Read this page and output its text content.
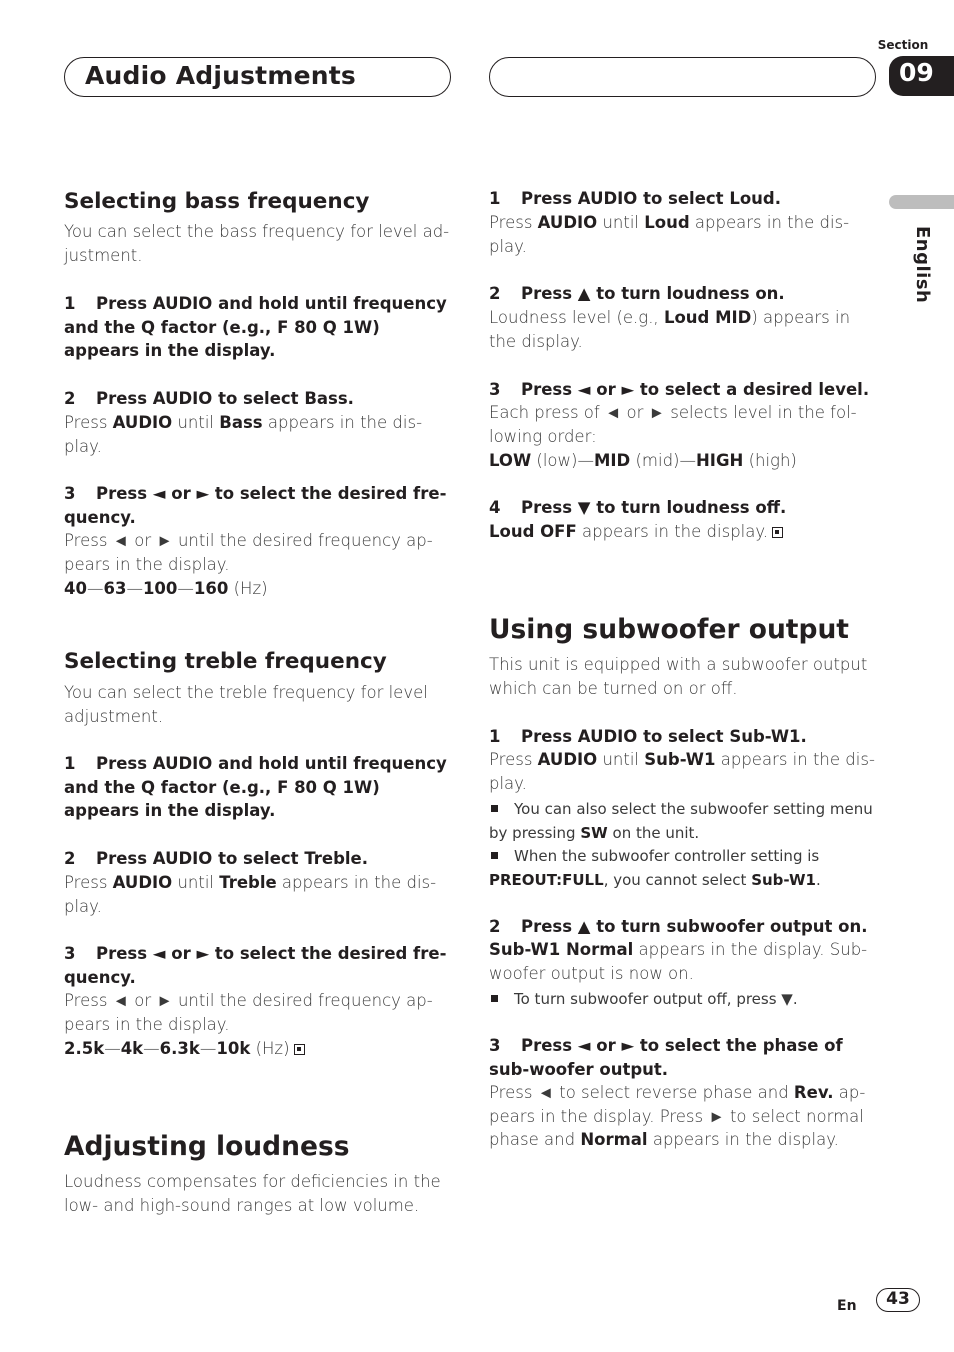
Audio Adjustments
Section
09
English
Selecting bass frequency
You can select the bass frequency for level ad-justment.
1 Press AUDIO and hold until frequency and the Q factor (e.g., F 80 Q 1W) appears in the display.
2 Press AUDIO to select Bass.
Press AUDIO until Bass appears in the dis-play.
3 Press ◄ or ► to select the desired fre-quency.
Press ◄ or ► until the desired frequency ap-pears in the display.
40—63—100—160 (Hz)
Selecting treble frequency
You can select the treble frequency for level adjustment.
1 Press AUDIO and hold until frequency and the Q factor (e.g., F 80 Q 1W) appears in the display.
2 Press AUDIO to select Treble.
Press AUDIO until Treble appears in the dis-play.
3 Press ◄ or ► to select the desired fre-quency.
Press ◄ or ► until the desired frequency ap-pears in the display.
2.5k—4k—6.3k—10k (Hz)
Adjusting loudness
Loudness compensates for deficiencies in the low- and high-sound ranges at low volume.
1 Press AUDIO to select Loud.
Press AUDIO until Loud appears in the dis-play.
2 Press ▲ to turn loudness on.
Loudness level (e.g., Loud MID) appears in the display.
3 Press ◄ or ► to select a desired level.
Each press of ◄ or ► selects level in the fol-lowing order:
LOW (low)—MID (mid)—HIGH (high)
4 Press ▼ to turn loudness off.
Loud OFF appears in the display.
Using subwoofer output
This unit is equipped with a subwoofer output which can be turned on or off.
1 Press AUDIO to select Sub-W1.
Press AUDIO until Sub-W1 appears in the dis-play.
You can also select the subwoofer setting menu by pressing SW on the unit.
When the subwoofer controller setting is PREOUT:FULL, you cannot select Sub-W1.
2 Press ▲ to turn subwoofer output on.
Sub-W1 Normal appears in the display. Sub-woofer output is now on.
To turn subwoofer output off, press ▼.
3 Press ◄ or ► to select the phase of sub-woofer output.
Press ◄ to select reverse phase and Rev. ap-pears in the display. Press ► to select normal phase and Normal appears in the display.
En	43
